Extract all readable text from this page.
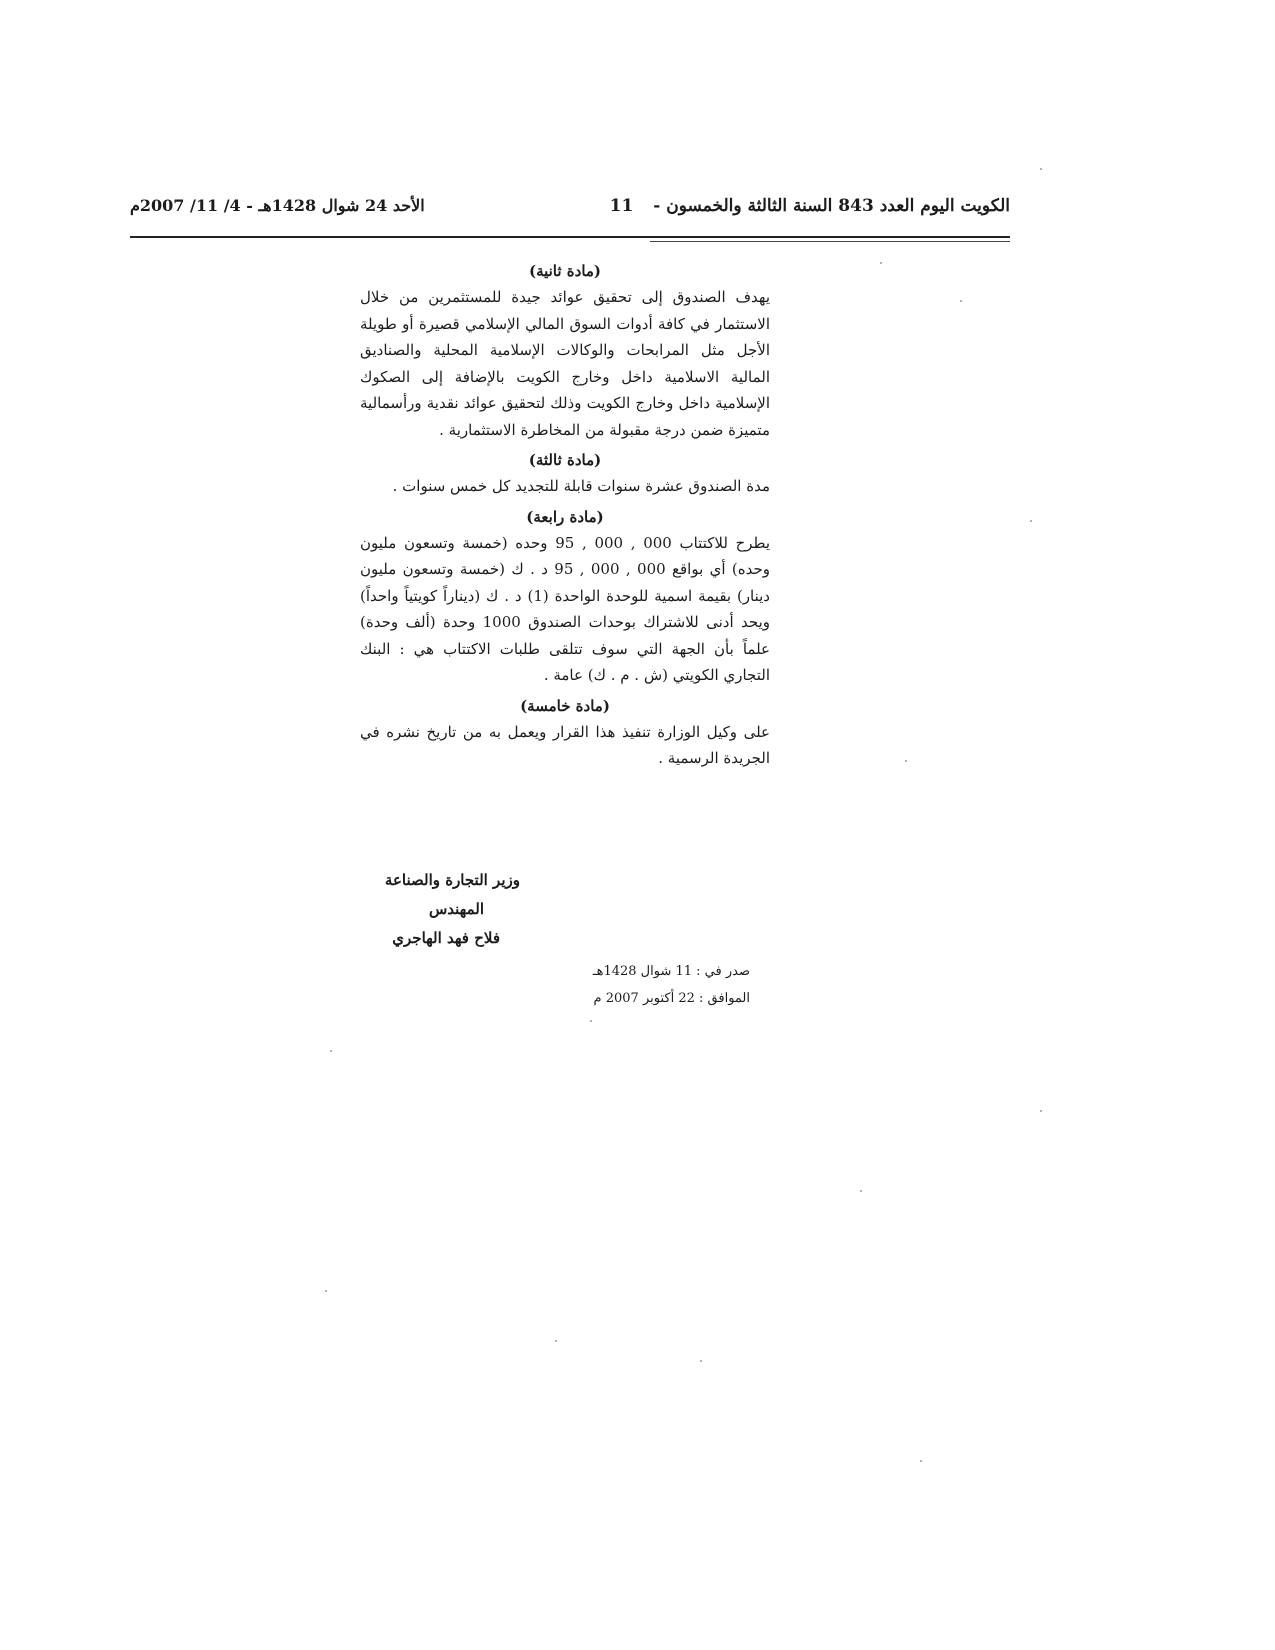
الكويت اليوم العدد 843 السنة الثالثة والخمسون - 11
الأحد 24 شوال 1428هـ - 4/ 11/ 2007م

(مادة ثانية)

يهدف الصندوق إلى تحقيق عوائد جيدة للمستثمرين من خلال الاستثمار في كافة أدوات السوق المالي الإسلامي قصيرة أو طويلة الأجل مثل المرابحات والوكالات الإسلامية المحلية والصناديق المالية الاسلامية داخل وخارج الكويت بالإضافة إلى الصكوك الإسلامية داخل وخارج الكويت وذلك لتحقيق عوائد نقدية ورأسمالية متميزة ضمن درجة مقبولة من المخاطرة الاستثمارية .

(مادة ثالثة)

مدة الصندوق عشرة سنوات قابلة للتجديد كل خمس سنوات .

(مادة رابعة)

يطرح للاكتتاب 000 , 000 , 95 وحده (خمسة وتسعون مليون وحده) أي بواقع 000 , 000 , 95 د . ك (خمسة وتسعون مليون دينار) بقيمة اسمية للوحدة الواحدة (1) د . ك (ديناراً كويتياً واحداً) ويحد أدنى للاشتراك بوحدات الصندوق 1000 وحدة (ألف وحدة) علماً بأن الجهة التي سوف تتلقى طلبات الاكتتاب هي : البنك التجاري الكويتي (ش . م . ك) عامة .

(مادة خامسة)

على وكيل الوزارة تنفيذ هذا القرار ويعمل به من تاريخ نشره في الجريدة الرسمية .

وزير التجارة والصناعة
المهندس
فلاح فهد الهاجري
صدر في : 11 شوال 1428هـ
الموافق : 22 أكتوبر 2007 م
